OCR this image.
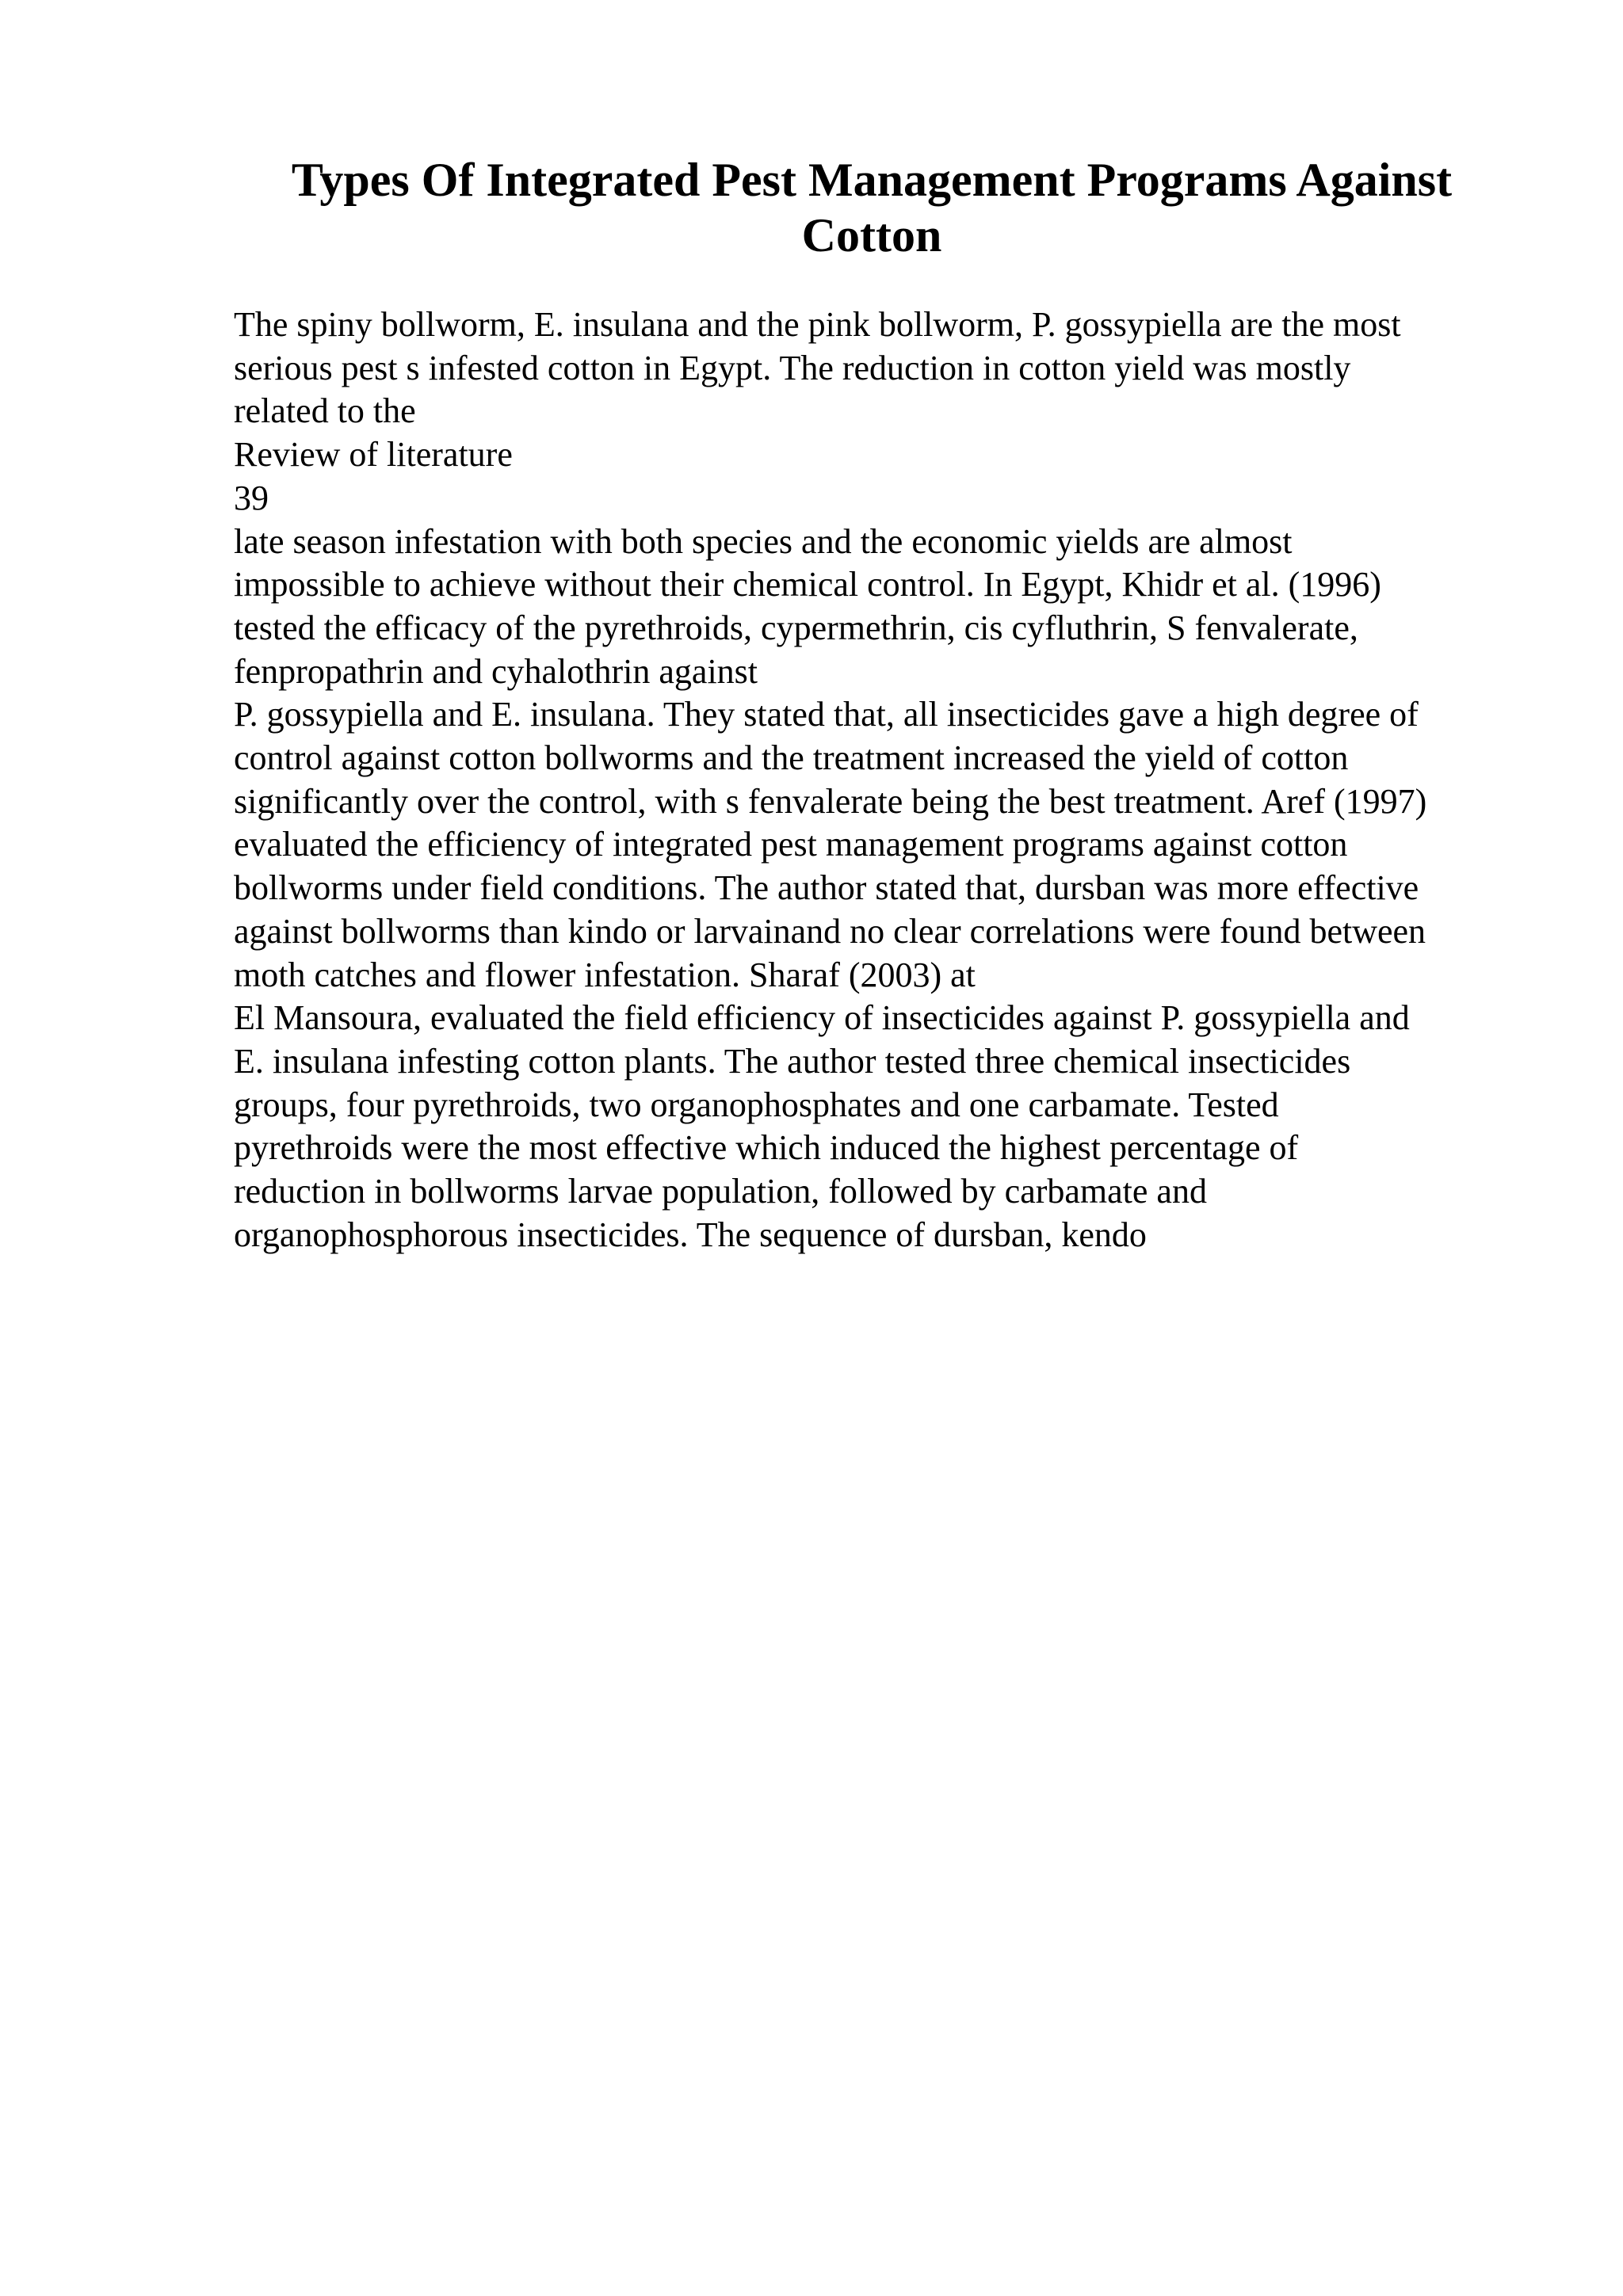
Types Of Integrated Pest Management Programs Against
Cotton
The spiny bollworm, E. insulana and the pink bollworm, P. gossypiella are the most
serious pest s infested cotton in Egypt. The reduction in cotton yield was mostly
related to the
Review of literature
39
late season infestation with both species and the economic yields are almost
impossible to achieve without their chemical control. In Egypt, Khidr et al. (1996)
tested the efficacy of the pyrethroids, cypermethrin, cis cyfluthrin, S fenvalerate,
fenpropathrin and cyhalothrin against
P. gossypiella and E. insulana. They stated that, all insecticides gave a high degree of
control against cotton bollworms and the treatment increased the yield of cotton
significantly over the control, with s fenvalerate being the best treatment. Aref (1997)
evaluated the efficiency of integrated pest management programs against cotton
bollworms under field conditions. The author stated that, dursban was more effective
against bollworms than kindo or larvainand no clear correlations were found between
moth catches and flower infestation. Sharaf (2003) at
El Mansoura, evaluated the field efficiency of insecticides against P. gossypiella and
E. insulana infesting cotton plants. The author tested three chemical insecticides
groups, four pyrethroids, two organophosphates and one carbamate. Tested
pyrethroids were the most effective which induced the highest percentage of
reduction in bollworms larvae population, followed by carbamate and
organophosphorous insecticides. The sequence of dursban, kendo
